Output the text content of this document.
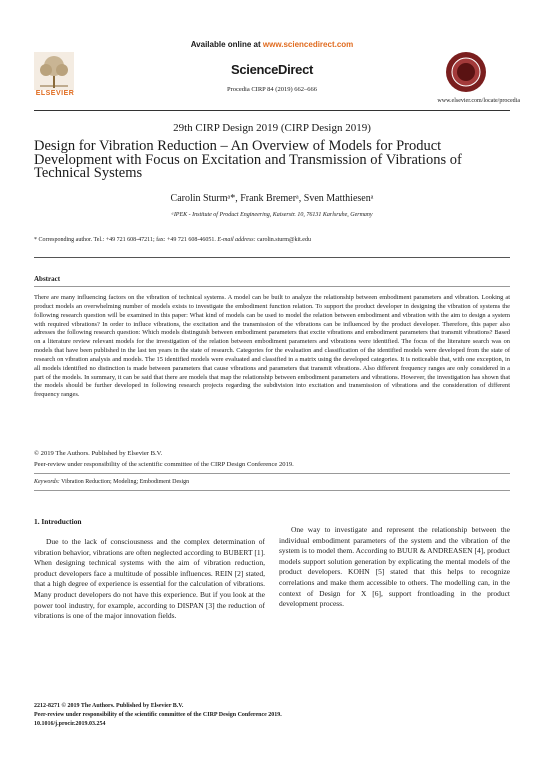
Available online at www.sciencedirect.com
ELSEVIER
ScienceDirect
Procedia CIRP 84 (2019) 662–666
www.elsevier.com/locate/procedia
29th CIRP Design 2019 (CIRP Design 2019)
Design for Vibration Reduction – An Overview of Models for Product Development with Focus on Excitation and Transmission of Vibrations of Technical Systems
Carolin Sturmᵃ*, Frank Bremerᵃ, Sven Matthiesenᵃ
ᵃIPEK - Institute of Product Engineering, Kaiserstr. 10, 76131 Karlsruhe, Germany
* Corresponding author. Tel.: +49 721 608-47211; fax: +49 721 608-46051. E-mail address: carolin.sturm@kit.edu
Abstract
There are many influencing factors on the vibration of technical systems. A model can be built to analyze the relationship between embodiment parameters and vibration. Looking at product models an overwhelming number of models exists to investigate the embodiment function relation. To support the product developer in designing the vibration of systems the following research question will be examined in this paper: What kind of models can be used to model the relation between embodiment and vibration with the aim to design a system with required vibrations? In order to influce vibrations, the excitation and the transmission of the vibrations can be influenced by the product developer. Therefore, this paper also adresses the following research question: Which models distinguish between embodiment parameters that excite vibrations and embodiment parameters that transmit vibrations? Based on a literature review relevant models for the investigation of the relation between embodiment parameters and vibrations were identified. The focus of the literature search was on models that have been published in the last ten years in the state of research. Categories for the evaluation and classification of the identified models were developed from the state of research on vibration analysis and models. The 15 identified models were evaluated and classified in a matrix using the developed categories. It is noticeable that, with one exception, in all models identified no distinction is made between parameters that cause vibrations and parameters that transmit vibrations. Also different frequency ranges are only considered in a part of the models. In summary, it can be said that there are models that map the relationship between embodiment parameters and vibrations. However, the investigation has shown that the models should be further developed in following research projects regarding the subdivision into excitation and transmission of vibrations and the consideration of different frequency ranges.
© 2019 The Authors. Published by Elsevier B.V.
Peer-review under responsibility of the scientific committee of the CIRP Design Conference 2019.
Keywords: Vibration Reduction; Modeling; Embodiment Design
1. Introduction

Due to the lack of consciousness and the complex determination of vibration behavior, vibrations are often neglected according to BUBERT [1]. When designing technical systems with the aim of vibration reduction, product developers face a multitude of possible influences. REIN [2] stated, that a high degree of experience is essential for the calculation of vibrations. Many product developers do not have this experience. But if you look at the power tool industry, for example, according to DISPAN [3] the reduction of vibrations is one of the major innovation fields.

One way to investigate and represent the relationship between the individual embodiment parameters of the system and the vibration of the system is to model them. According to BUUR & ANDREASEN [4], product models support solution generation by explicating the mental models of the product developers. KOHN [5] stated that this helps to recognize correlations and make them accessible to others. The modelling can, in the context of Design for X [6], support frontloading in the product development process.

2212-8271 © 2019 The Authors. Published by Elsevier B.V.
Peer-review under responsibility of the scientific committee of the CIRP Design Conference 2019.
10.1016/j.procir.2019.03.254
